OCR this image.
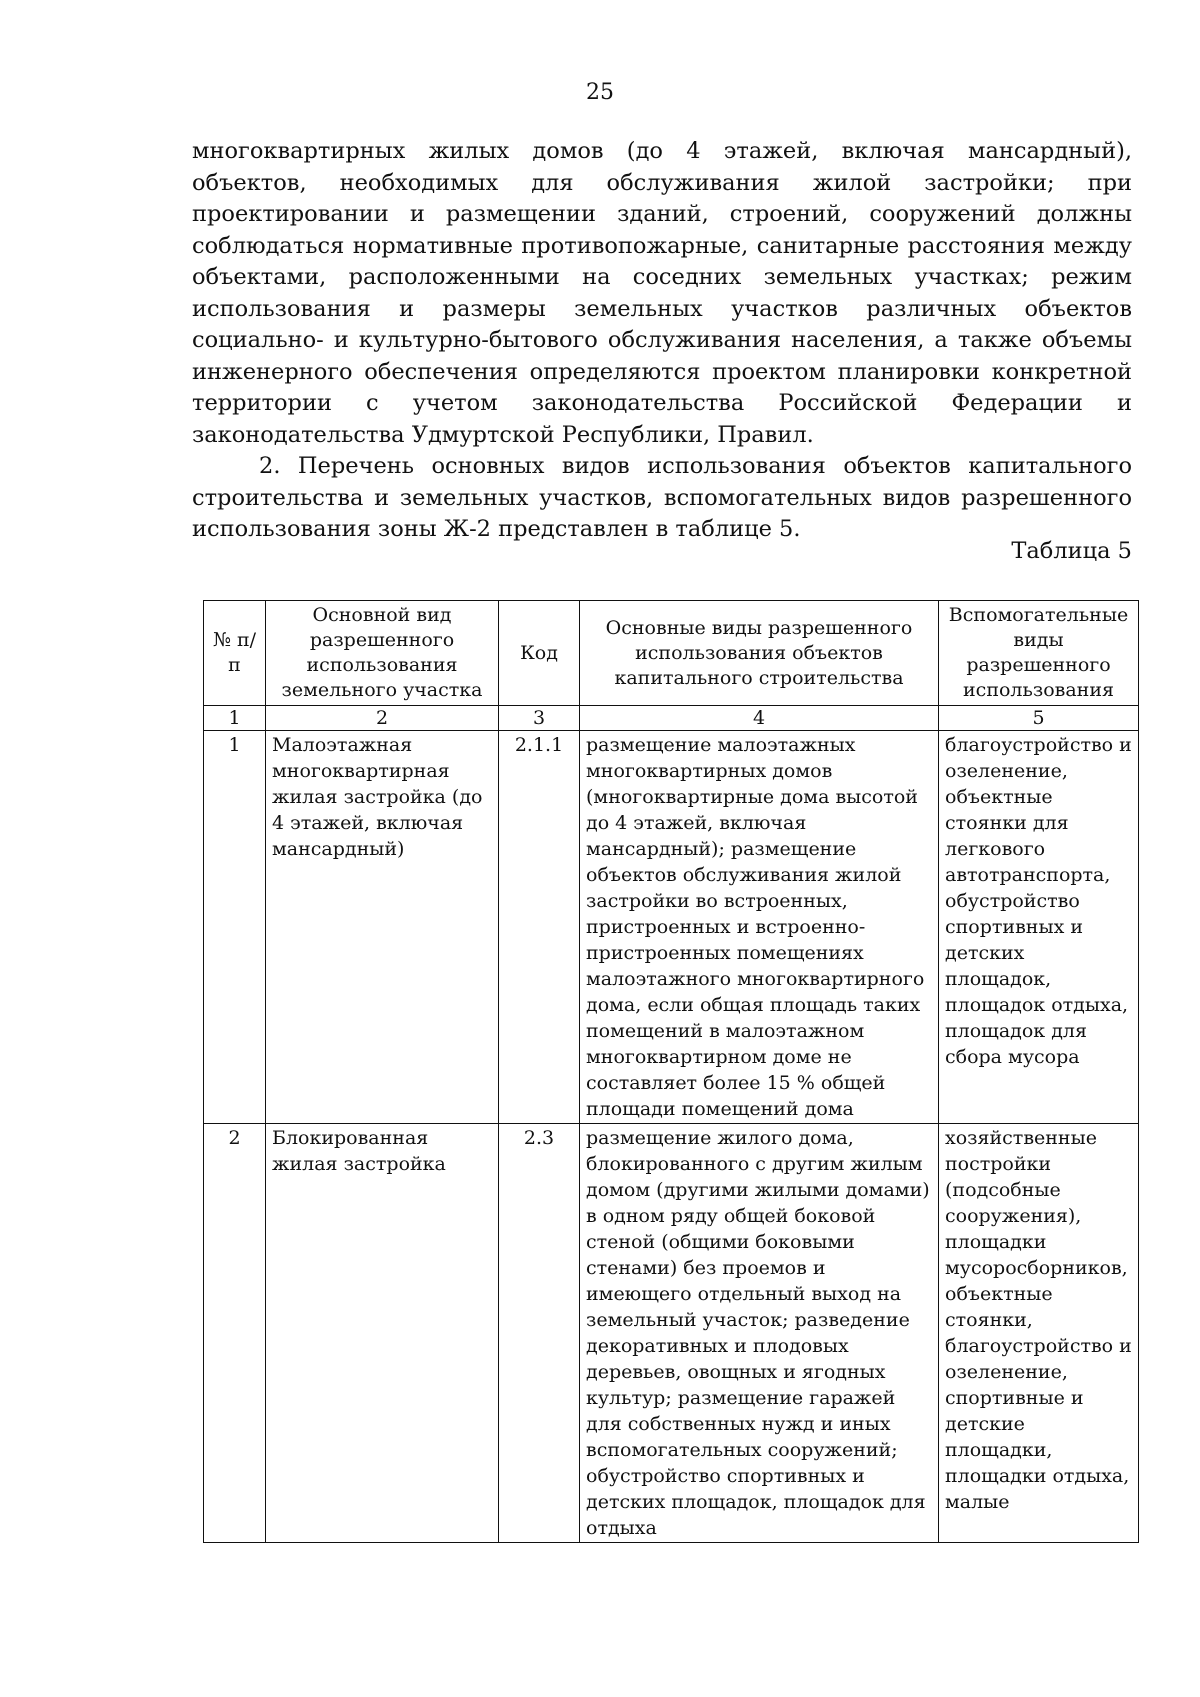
25

многоквартирных жилых домов (до 4 этажей, включая мансардный), объектов, необходимых для обслуживания жилой застройки; при проектировании и размещении зданий, строений, сооружений должны соблюдаться нормативные противопожарные, санитарные расстояния между объектами, расположенными на соседних земельных участках; режим использования и размеры земельных участков различных объектов социально- и культурно-бытового обслуживания населения, а также объемы инженерного обеспечения определяются проектом планировки конкретной территории с учетом законодательства Российской Федерации и законодательства Удмуртской Республики, Правил.

2. Перечень основных видов использования объектов капитального строительства и земельных участков, вспомогательных видов разрешенного использования зоны Ж-2 представлен в таблице 5.

Таблица 5
№ п/п	Основной вид разрешенного использования земельного участка	Код	Основные виды разрешенного использования объектов капитального строительства	Вспомогательные виды разрешенного использования
1	2	3	4	5
1	Малоэтажная многоквартирная жилая застройка (до 4 этажей, включая мансардный)	2.1.1	размещение малоэтажных многоквартирных домов (многоквартирные дома высотой до 4 этажей, включая мансардный); размещение объектов обслуживания жилой застройки во встроенных, пристроенных и встроенно-пристроенных помещениях малоэтажного многоквартирного дома, если общая площадь таких помещений в малоэтажном многоквартирном доме не составляет более 15 % общей площади помещений дома	благоустройство и озеленение, объектные стоянки для легкового автотранспорта, обустройство спортивных и детских площадок, площадок отдыха, площадок для сбора мусора
2	Блокированная жилая застройка	2.3	размещение жилого дома, блокированного с другим жилым домом (другими жилыми домами) в одном ряду общей боковой стеной (общими боковыми стенами) без проемов и имеющего отдельный выход на земельный участок; разведение декоративных и плодовых деревьев, овощных и ягодных культур; размещение гаражей для собственных нужд и иных вспомогательных сооружений; обустройство спортивных и детских площадок, площадок для отдыха	хозяйственные постройки (подсобные сооружения), площадки мусоросборников, объектные стоянки, благоустройство и озеленение, спортивные и детские площадки, площадки отдыха, малые
